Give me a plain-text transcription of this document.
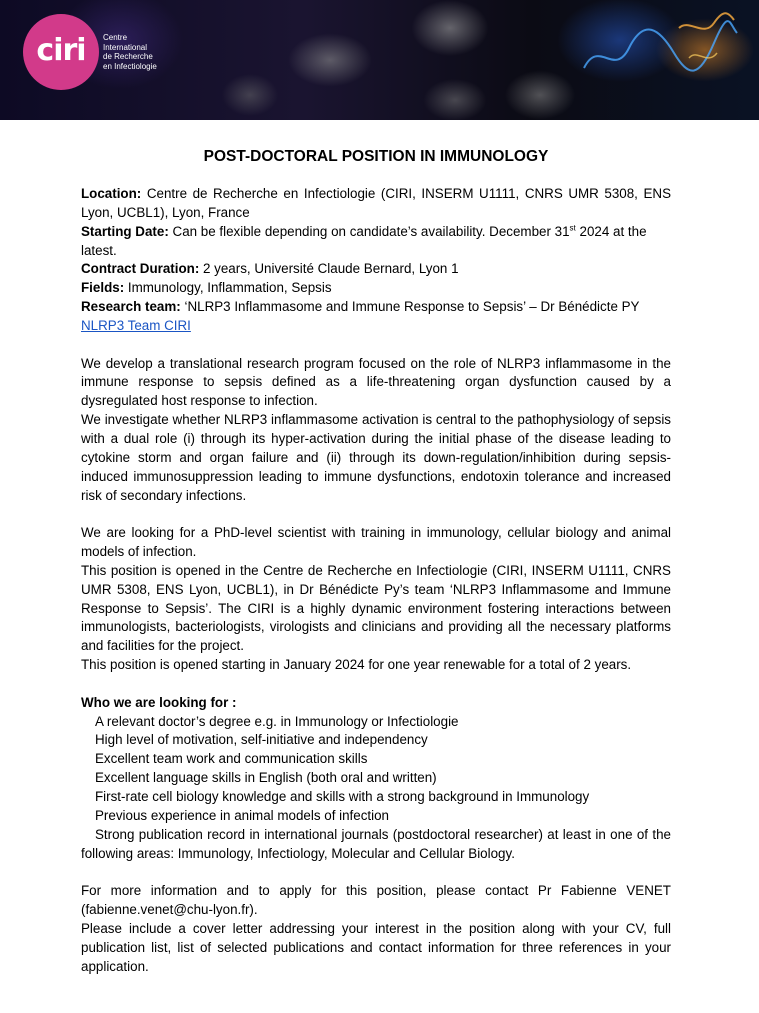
ciri Centre
International
de Recherche
en Infectiologie
POST-DOCTORAL POSITION IN IMMUNOLOGY

Location: Centre de Recherche en Infectiologie (CIRI, INSERM U1111, CNRS UMR 5308, ENS Lyon, UCBL1), Lyon, France

Starting Date: Can be flexible depending on candidate’s availability. December 31st 2024 at the latest.

Contract Duration: 2 years, Université Claude Bernard, Lyon 1

Fields: Immunology, Inflammation, Sepsis

Research team: ‘NLRP3 Inflammasome and Immune Response to Sepsis’ – Dr Bénédicte PY

NLRP3 Team CIRI

We develop a translational research program focused on the role of NLRP3 inflammasome in the immune response to sepsis defined as a life-threatening organ dysfunction caused by a dysregulated host response to infection.

We investigate whether NLRP3 inflammasome activation is central to the pathophysiology of sepsis with a dual role (i) through its hyper-activation during the initial phase of the disease leading to cytokine storm and organ failure and (ii) through its down-regulation/inhibition during sepsis-induced immunosuppression leading to immune dysfunctions, endotoxin tolerance and increased risk of secondary infections.

We are looking for a PhD-level scientist with training in immunology, cellular biology and animal models of infection.

This position is opened in the Centre de Recherche en Infectiologie (CIRI, INSERM U1111, CNRS UMR 5308, ENS Lyon, UCBL1), in Dr Bénédicte Py’s team ‘NLRP3 Inflammasome and Immune Response to Sepsis’. The CIRI is a highly dynamic environment fostering interactions between immunologists, bacteriologists, virologists and clinicians and providing all the necessary platforms and facilities for the project.

This position is opened starting in January 2024 for one year renewable for a total of 2 years.

Who we are looking for :

A relevant doctor’s degree e.g. in Immunology or Infectiologie
High level of motivation, self-initiative and independency
Excellent team work and communication skills
Excellent language skills in English (both oral and written)
First-rate cell biology knowledge and skills with a strong background in Immunology
Previous experience in animal models of infection
Strong publication record in international journals (postdoctoral researcher) at least in one of the following areas: Immunology, Infectiology, Molecular and Cellular Biology.

For more information and to apply for this position, please contact Pr Fabienne VENET (fabienne.venet@chu-lyon.fr).

Please include a cover letter addressing your interest in the position along with your CV, full publication list, list of selected publications and contact information for three references in your application.
